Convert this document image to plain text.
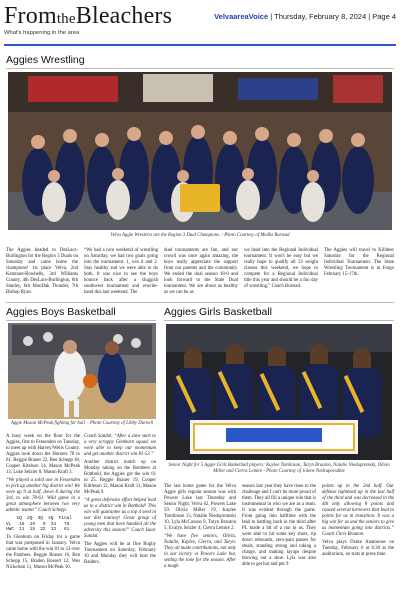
FromtheBleachers	VelvaareaVoice | Thursday, February 8, 2024 | Page 4
What's happening in the area
Aggies Wrestling
Velva Aggie Wrestlers are the Region 3 Dual Champions. - Photo Courtesy of Medhz Burstad

The Aggies headed to DesLacs-Burlington for the Region 3 Duals on Saturday and came home the champions! 1st place Velva, 2nd Kenmare-Bowbells, 3rd Williams County, 4th DesLacs-Burlington, 6th Stanley, 6th MonDak Thunder, 7th Bishop Ryan.

“We had a nice weekend of wrestling on Saturday, we had two goals going into the tournament. 1, win it and 2. Stay healthy and we were able to do both. It was nice to see the boys bounce back after a sluggish southwest tournament and rewrite-hand this last weekend. The

dual tournaments are fun, and our crowd was once again amazing, the boys really appreciate the support from our parents and the community. We ended the dual season 18-0 and look forward to the State Dual tournament. We are about as healthy as we can be as

we head into the Regional Individual tournament. It won't be easy but we really hope to qualify all 13 weight classes this weekend, we hope to compete for a Regional Individual title this year and should be a fun day of wrestling,” Coach Burstad.

The Aggies will travel to Killdeer Saturday for the Regional Individual Tournament. The State Wrestling Tournament is in Fargo February 15-17th.

Aggies Boys Basketball
Aggie Mason McPeak fighting for ball. - Photo Courtesy of Libby Durnell

A busy week on the floor for the Aggies, first to Fessenden on Tuesday, to meet up with Harvey/Wells County. Aggies took down the Hornets 78 to 61. Reggie Brauer 22, Ben Schepp 18, Cooper Kitelson 14, Mason McPeak 13, Luke Selzler 8, Mason Kraft 3.

“We played a solid one in Fessenden to pick up another big district win! We were up 9 at half, down 8 during the 3rd, to win 78-61. Wild game in a great atmosphere between two very athletic teams!” Coach Schepp.

1Q  2Q  3Q  4Q  Final
VL   16  19   9  34   78
HWC  11  15  22  13   61

To Glenburn on Friday for a game that was postponed in January. Velva came home with the win 81 to 53 over the Panthers. Reggie Brauer 16, Ben Schepp 15, Braden Bossert 12, Wes Nickelson 11, Mason McPeak 10.

Coach Sandal, “After a slow start to a very scrappy Glenburn squad, we were able to keep our momentum and get another district win 81-53.”

Another district match up on Monday taking on the Bombers at Bottbold, the Aggies got the win 61 to 25. Reggie Brauer 19, Cooper Kittleson 12, Mason Kraft 11, Mason McPeak 9.

“A great defensive effort helped lead us to a district win in Bottbold! This win will guarantee us a top 4 seed in our dist tourney! Great group of young men that have handled all the adversity this season!” Coach Isaac Sandal.

The Aggies will be at One Rugby Tournament on Saturday, February 10 and Monday they will host the Raiders.

Aggies Girls Basketball
Senior Night for 5 Aggie Girls Basketball players: Kaylee Tomlinson, Taryn Brauton, Natalie Niedupromski, Olivia Miller and Cierra Lemire - Photo Courtesy of Jolene Nedrupovsdkie

The last home game for the Velva Aggie girls regular season was with Powers Lake last Thursday and Senior Night. Velva 62, Powers Lake 59. Olivia Miller 19, Kaylee Tomlinson 13, Natalie Niedopromski 10, Lyla McCusson 9, Taryn Brauton 5, Evalyn Selzler 4, Cierra Lemire 2.

“We have five seniors, Olivia, Natalie, Kaylee, Cierra, and Taryn. They all made contributions, not only in our victory vs Powers Lake but, setting the tone for the season. After a tough

season last year they have risen to the challenge and I can't be more proud of them. They all fill a unique role that is instrumental in who we are as a team. It was evident through the game. From going into halftime with the lead to battling back in the third after PL made a bit of a run in us. They were able to hit some key shots, rip down rebounds, zero-pain passes for steals, standing strong and taking a charge, and making layups despite blowing out a shoe. Lyla was also able to get hot and put 9

points up in the 2nd half. Our defense tightened up in the last half of the third and was decreased in the 4th only allowing 8 points and caused several turnovers that lead to points for us in transition. It was a big win for us and the seniors to give us momentum going into districts.” Coach Chris Brauton.

Velva plays Drake Anamoose on Tuesday, February 6 at 6:30 at the auditorium, no stats at press time.
